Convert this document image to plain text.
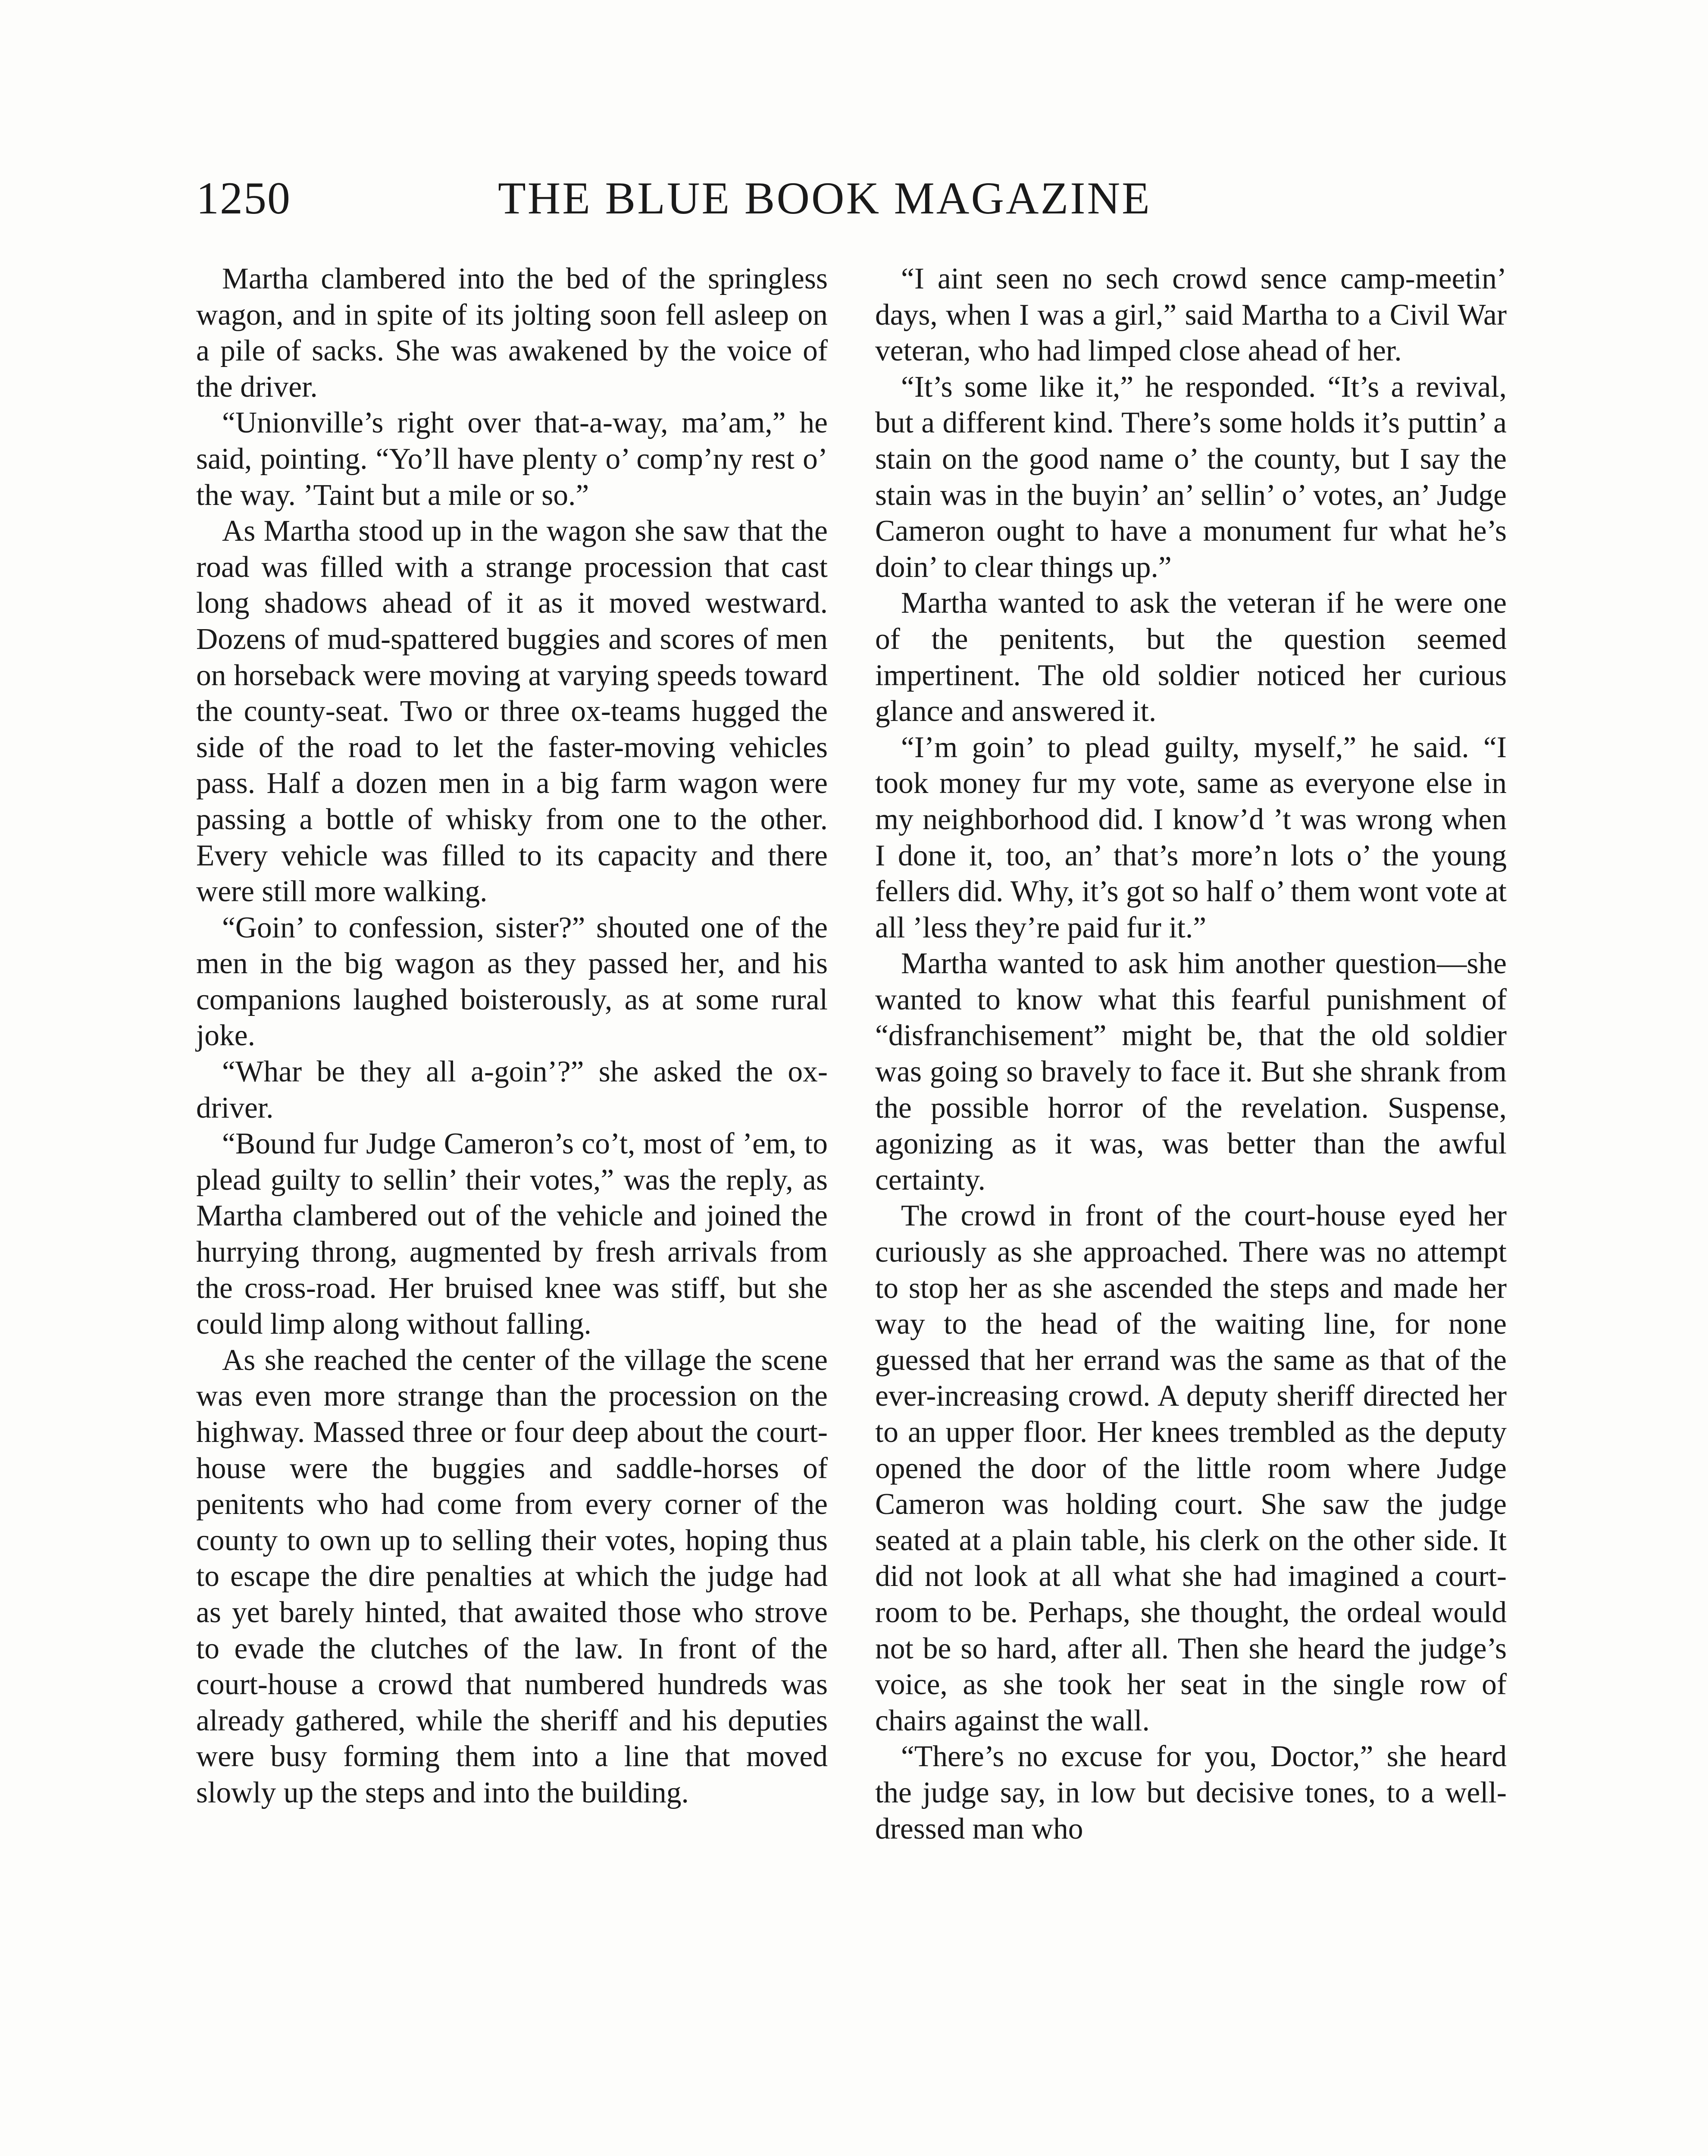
1250	THE BLUE BOOK MAGAZINE

Martha clambered into the bed of the springless wagon, and in spite of its jolting soon fell asleep on a pile of sacks. She was awakened by the voice of the driver.

“Unionville’s right over that-a-way, ma’am,” he said, pointing. “Yo’ll have plenty o’ comp’ny rest o’ the way. ’Taint but a mile or so.”

As Martha stood up in the wagon she saw that the road was filled with a strange procession that cast long shadows ahead of it as it moved westward. Dozens of mud-spattered buggies and scores of men on horseback were moving at varying speeds toward the county-seat. Two or three ox-teams hugged the side of the road to let the faster-moving vehicles pass. Half a dozen men in a big farm wagon were passing a bottle of whisky from one to the other. Every vehicle was filled to its capacity and there were still more walking.

“Goin’ to confession, sister?” shouted one of the men in the big wagon as they passed her, and his companions laughed boisterously, as at some rural joke.

“Whar be they all a-goin’?” she asked the ox-driver.

“Bound fur Judge Cameron’s co’t, most of ’em, to plead guilty to sellin’ their votes,” was the reply, as Martha clambered out of the vehicle and joined the hurrying throng, augmented by fresh arrivals from the cross-road. Her bruised knee was stiff, but she could limp along without falling.

As she reached the center of the village the scene was even more strange than the procession on the highway. Massed three or four deep about the court-house were the buggies and saddle-horses of penitents who had come from every corner of the county to own up to selling their votes, hoping thus to escape the dire penalties at which the judge had as yet barely hinted, that awaited those who strove to evade the clutches of the law. In front of the court-house a crowd that numbered hundreds was already gathered, while the sheriff and his deputies were busy forming them into a line that moved slowly up the steps and into the building.

“I aint seen no sech crowd sence camp-meetin’ days, when I was a girl,” said Martha to a Civil War veteran, who had limped close ahead of her.

“It’s some like it,” he responded. “It’s a revival, but a different kind. There’s some holds it’s puttin’ a stain on the good name o’ the county, but I say the stain was in the buyin’ an’ sellin’ o’ votes, an’ Judge Cameron ought to have a monument fur what he’s doin’ to clear things up.”

Martha wanted to ask the veteran if he were one of the penitents, but the question seemed impertinent. The old soldier noticed her curious glance and answered it.

“I’m goin’ to plead guilty, myself,” he said. “I took money fur my vote, same as everyone else in my neighborhood did. I know’d ’t was wrong when I done it, too, an’ that’s more’n lots o’ the young fellers did. Why, it’s got so half o’ them wont vote at all ’less they’re paid fur it.”

Martha wanted to ask him another question—she wanted to know what this fearful punishment of “disfranchisement” might be, that the old soldier was going so bravely to face it. But she shrank from the possible horror of the revelation. Suspense, agonizing as it was, was better than the awful certainty.

The crowd in front of the court-house eyed her curiously as she approached. There was no attempt to stop her as she ascended the steps and made her way to the head of the waiting line, for none guessed that her errand was the same as that of the ever-increasing crowd. A deputy sheriff directed her to an upper floor. Her knees trembled as the deputy opened the door of the little room where Judge Cameron was holding court. She saw the judge seated at a plain table, his clerk on the other side. It did not look at all what she had imagined a court-room to be. Perhaps, she thought, the ordeal would not be so hard, after all. Then she heard the judge’s voice, as she took her seat in the single row of chairs against the wall.

“There’s no excuse for you, Doctor,” she heard the judge say, in low but decisive tones, to a well-dressed man who
